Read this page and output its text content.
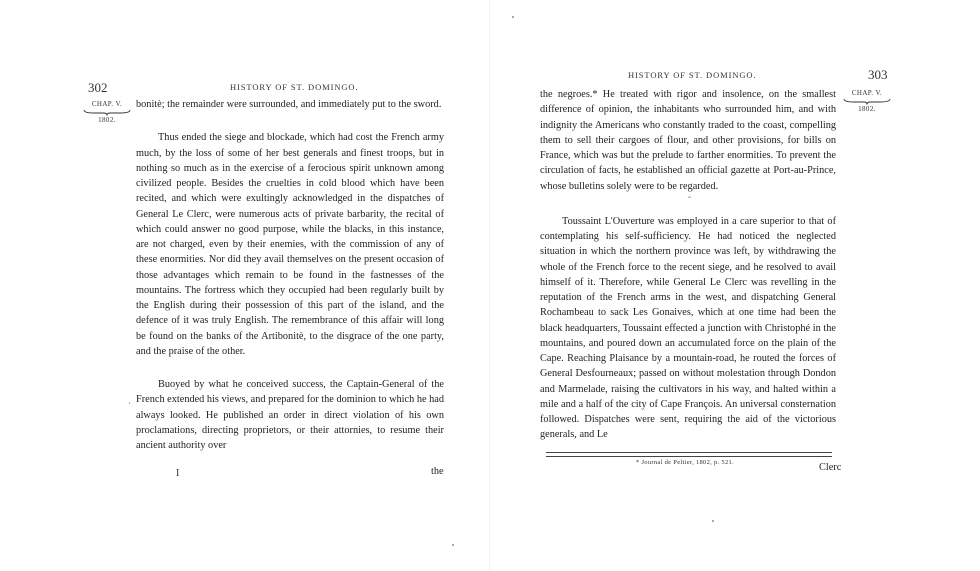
302	HISTORY OF ST. DOMINGO.
CHAP. V.
1802.

bonitè; the remainder were surrounded, and immediately put to the sword.

Thus ended the siege and blockade, which had cost the French army much, by the loss of some of her best generals and finest troops, but in nothing so much as in the exercise of a ferocious spirit unknown among civilized people. Besides the cruelties in cold blood which have been recited, and which were exultingly acknowledged in the dispatches of General Le Clerc, were numerous acts of private barbarity, the recital of which could answer no good purpose, while the blacks, in this instance, are not charged, even by their enemies, with the commission of any of these enormities. Nor did they avail themselves on the present occasion of those advantages which remain to be found in the fastnesses of the mountains. The fortress which they occupied had been regularly built by the English during their possession of this part of the island, and the defence of it was truly English. The remembrance of this affair will long be found on the banks of the Artibonitè, to the disgrace of the one party, and the praise of the other.

Buoyed by what he conceived success, the Captain-General of the French extended his views, and prepared for the dominion to which he had always looked. He published an order in direct violation of his own proclamations, directing proprietors, or their attornies, to resume their ancient authority over

·
I	the
HISTORY OF ST. DOMINGO.	303
CHAP. V.
1802.

the negroes.* He treated with rigor and insolence, on the smallest difference of opinion, the inhabitants who surrounded him, and with indignity the Americans who constantly traded to the coast, compelling them to sell their cargoes of flour, and other provisions, for bills on France, which was but the prelude to farther enormities. To prevent the circulation of facts, he established an official gazette at Port-au-Prince, whose bulletins solely were to be regarded.

Toussaint L'Ouverture was employed in a care superior to that of contemplating his self-sufficiency. He had noticed the neglected situation in which the northern province was left, by withdrawing the whole of the French force to the recent siege, and he resolved to avail himself of it. Therefore, while General Le Clerc was revelling in the reputation of the French arms in the west, and dispatching General Rochambeau to sack Les Gonaives, which at one time had been the black headquarters, Toussaint effected a junction with Christophé in the mountains, and poured down an accumulated force on the plain of the Cape. Reaching Plaisance by a mountain-road, he routed the forces of General Desfourneaux; passed on without molestation through Dondon and Marmelade, raising the cultivators in his way, and halted within a mile and a half of the city of Cape François. An universal consternation followed. Dispatches were sent, requiring the aid of the victorious generals, and Le

ˆ
* Journal de Peltier, 1802, p. 521.	Clerc
